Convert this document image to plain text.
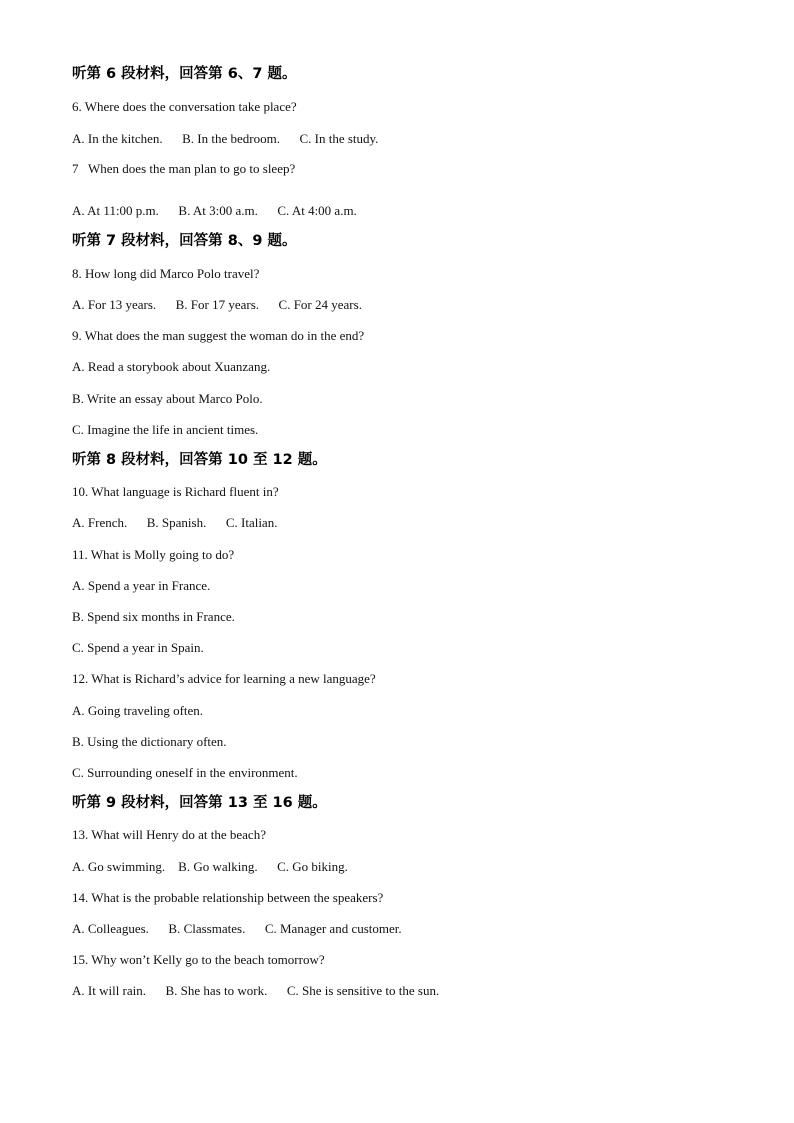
听第 6 段材料，回答第 6、7 题。
6. Where does the conversation take place?
A. In the kitchen.      B. In the bedroom.      C. In the study.
7   When does the man plan to go to sleep?
A. At 11:00 p.m.      B. At 3:00 a.m.      C. At 4:00 a.m.
听第 7 段材料，回答第 8、9 题。
8. How long did Marco Polo travel?
A. For 13 years.      B. For 17 years.      C. For 24 years.
9. What does the man suggest the woman do in the end?
A. Read a storybook about Xuanzang.
B. Write an essay about Marco Polo.
C. Imagine the life in ancient times.
听第 8 段材料，回答第 10 至 12 题。
10. What language is Richard fluent in?
A. French.      B. Spanish.      C. Italian.
11. What is Molly going to do?
A. Spend a year in France.
B. Spend six months in France.
C. Spend a year in Spain.
12. What is Richard’s advice for learning a new language?
A. Going traveling often.
B. Using the dictionary often.
C. Surrounding oneself in the environment.
听第 9 段材料，回答第 13 至 16 题。
13. What will Henry do at the beach?
A. Go swimming.    B. Go walking.      C. Go biking.
14. What is the probable relationship between the speakers?
A. Colleagues.      B. Classmates.      C. Manager and customer.
15. Why won’t Kelly go to the beach tomorrow?
A. It will rain.      B. She has to work.      C. She is sensitive to the sun.
